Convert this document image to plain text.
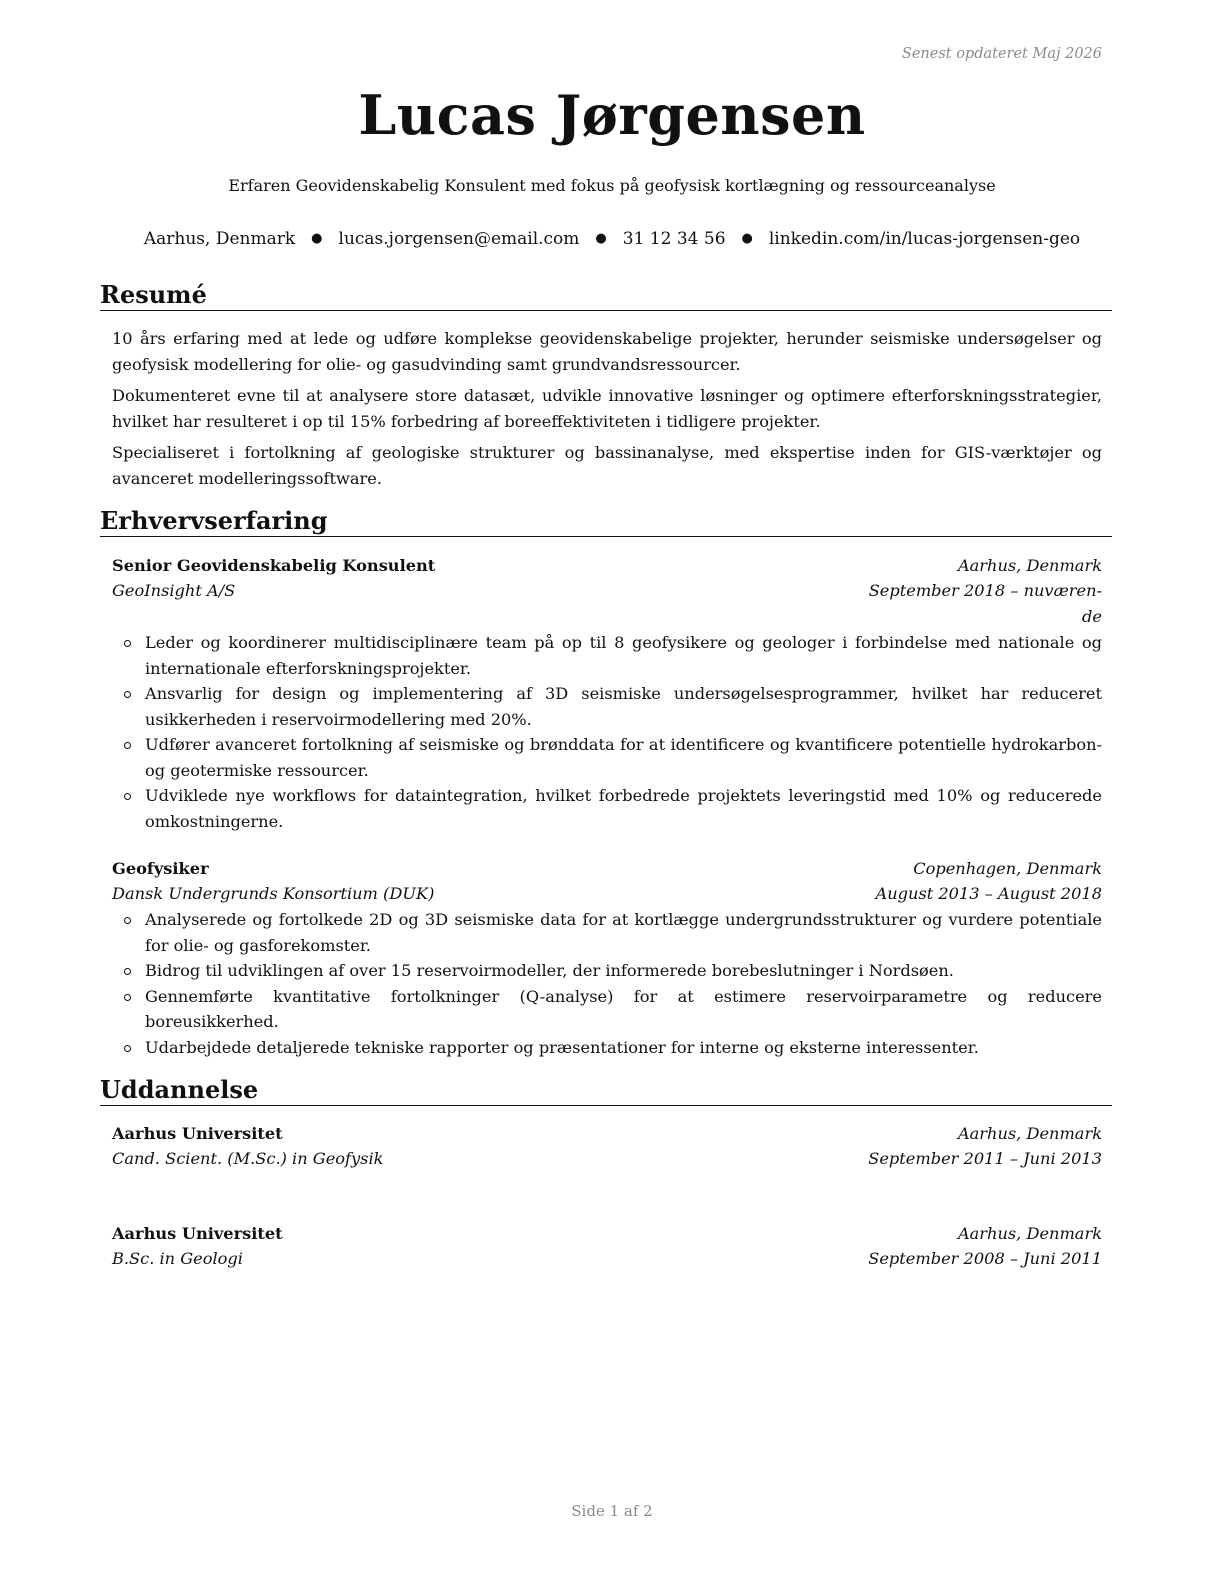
Senest opdateret Maj 2026
Lucas Jørgensen
Erfaren Geovidenskabelig Konsulent med fokus på geofysisk kortlægning og ressourceanalyse
Aarhus, Denmark ● lucas.jorgensen@email.com ● 31 12 34 56 ● linkedin.com/in/lucas-jorgensen-geo
Resumé
10 års erfaring med at lede og udføre komplekse geovidenskabelige projekter, herunder seismiske undersøgelser og geofysisk modellering for olie- og gasudvinding samt grundvandsressourcer.
Dokumenteret evne til at analysere store datasæt, udvikle innovative løsninger og optimere efterforskningsstrategier, hvilket har resulteret i op til 15% forbedring af boreeffektiviteten i tidligere projekter.
Specialiseret i fortolkning af geologiske strukturer og bassinanalyse, med ekspertise inden for GIS-værktøjer og avanceret modelleringssoftware.
Erhvervserfaring
Senior Geovidenskabelig Konsulent	Aarhus, Denmark
GeoInsight A/S	September 2018 – nuværen-de
Leder og koordinerer multidisciplinære team på op til 8 geofysikere og geologer i forbindelse med nationale og internationale efterforskningsprojekter.
Ansvarlig for design og implementering af 3D seismiske undersøgelsesprogrammer, hvilket har reduceret usikkerheden i reservoirmodellering med 20%.
Udfører avanceret fortolkning af seismiske og brønddata for at identificere og kvantificere potentielle hydrokarbon- og geotermiske ressourcer.
Udviklede nye workflows for dataintegration, hvilket forbedrede projektets leveringstid med 10% og reducerede omkostningerne.
Geofysiker	Copenhagen, Denmark
Dansk Undergrunds Konsortium (DUK)	August 2013 – August 2018
Analyserede og fortolkede 2D og 3D seismiske data for at kortlægge undergrundsstrukturer og vurdere potentiale for olie- og gasforekomster.
Bidrog til udviklingen af over 15 reservoirmodeller, der informerede borebeslutninger i Nordsøen.
Gennemførte kvantitative fortolkninger (Q-analyse) for at estimere reservoirparametre og reducere boreusikkerhed.
Udarbejdede detaljerede tekniske rapporter og præsentationer for interne og eksterne interessenter.
Uddannelse
Aarhus Universitet	Aarhus, Denmark
Cand. Scient. (M.Sc.) in Geofysik	September 2011 – Juni 2013
Aarhus Universitet	Aarhus, Denmark
B.Sc. in Geologi	September 2008 – Juni 2011
Side 1 af 2
